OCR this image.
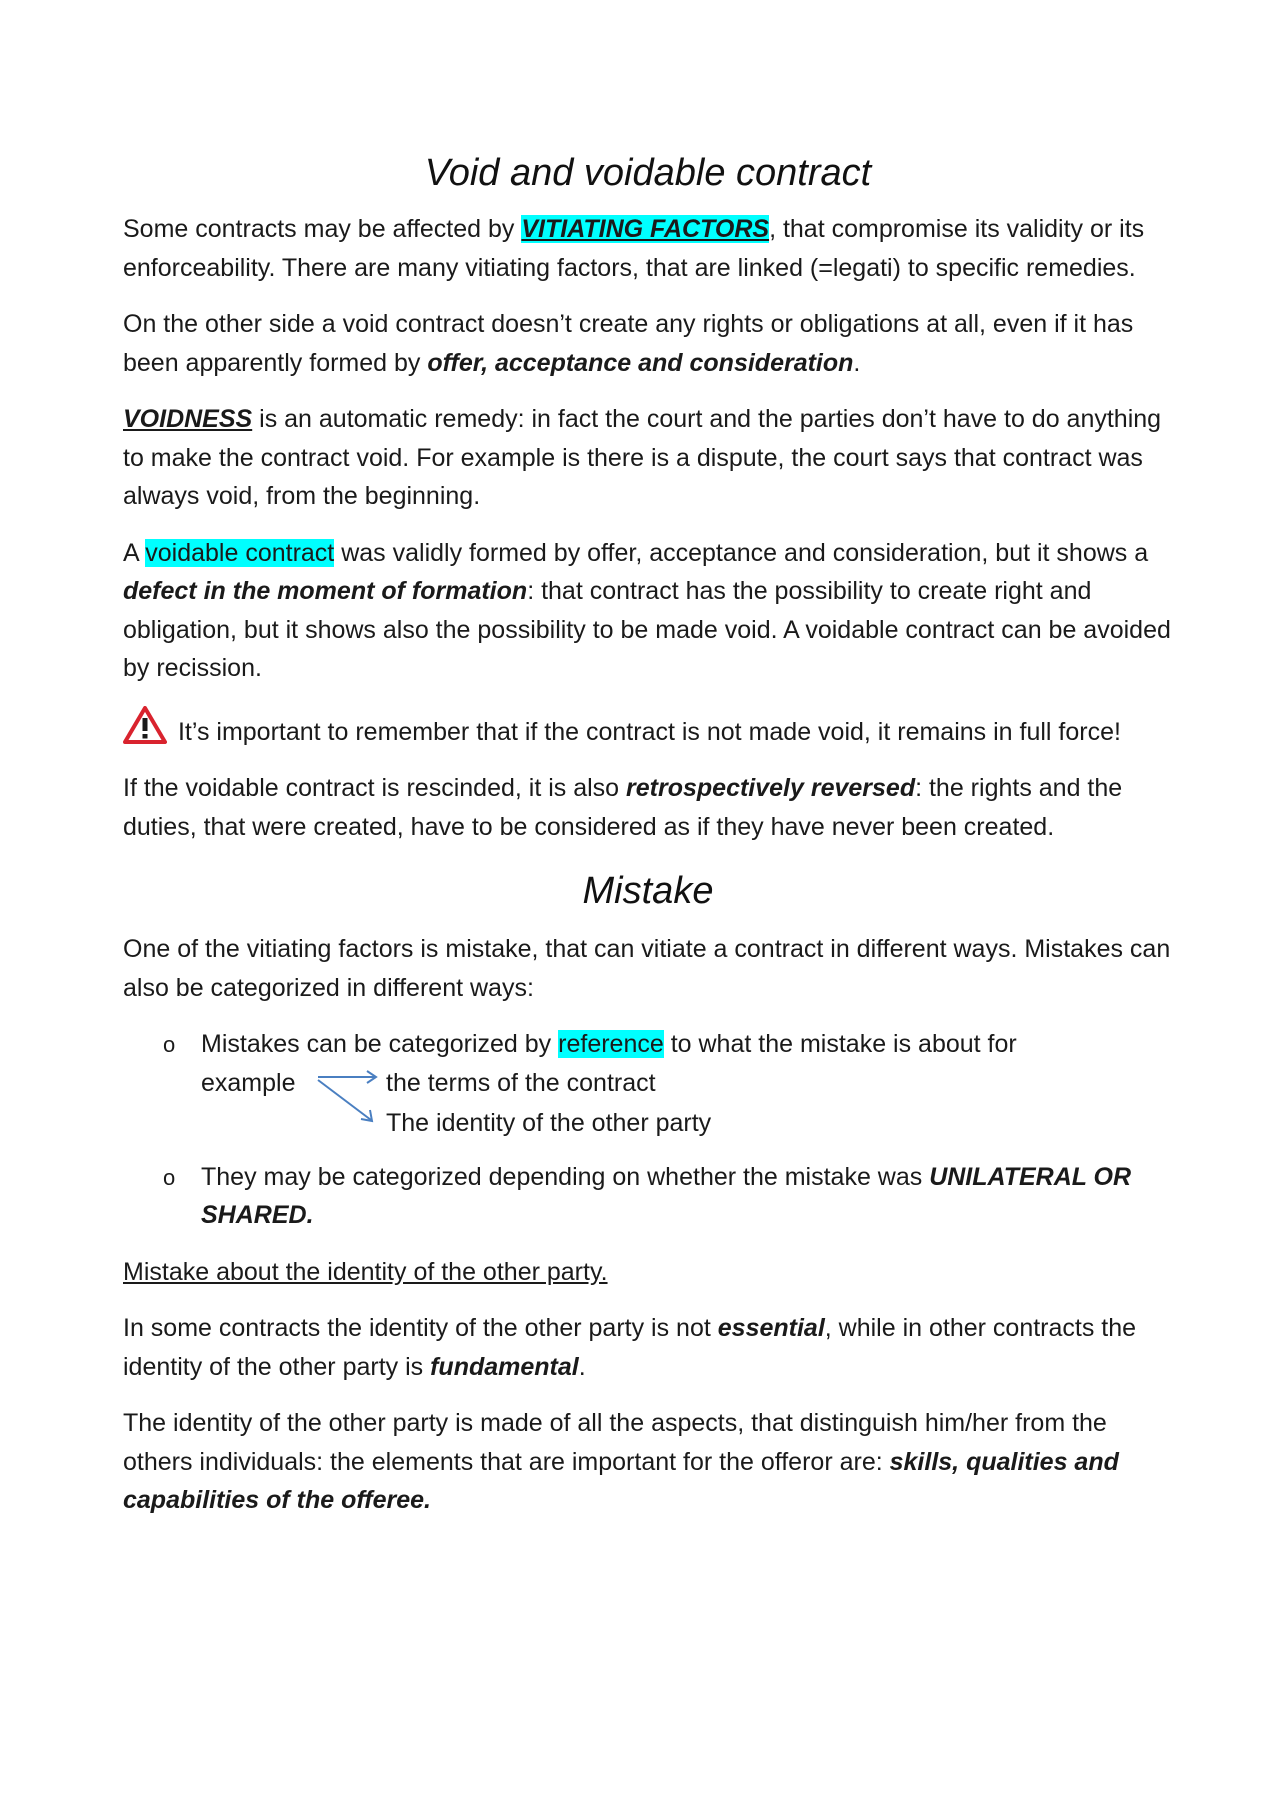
Void and voidable contract

Some contracts may be affected by VITIATING FACTORS, that compromise its validity or its enforceability. There are many vitiating factors, that are linked (=legati) to specific remedies.

On the other side a void contract doesn’t create any rights or obligations at all, even if it has been apparently formed by offer, acceptance and consideration.

VOIDNESS is an automatic remedy: in fact the court and the parties don’t have to do anything to make the contract void. For example is there is a dispute, the court says that contract was always void, from the beginning.

A voidable contract was validly formed by offer, acceptance and consideration, but it shows a defect in the moment of formation: that contract has the possibility to create right and obligation, but it shows also the possibility to be made void. A voidable contract can be avoided by recission.

It’s important to remember that if the contract is not made void, it remains in full force!

If the voidable contract is rescinded, it is also retrospectively reversed: the rights and the duties, that were created, have to be considered as if they have never been created.

Mistake

One of the vitiating factors is mistake, that can vitiate a contract in different ways. Mistakes can also be categorized in different ways:

o Mistakes can be categorized by reference to what the mistake is about for
example	the terms of the contract
The identity of the other party
o They may be categorized depending on whether the mistake was UNILATERAL OR SHARED.

Mistake about the identity of the other party.

In some contracts the identity of the other party is not essential, while in other contracts the identity of the other party is fundamental.

The identity of the other party is made of all the aspects, that distinguish him/her from the others individuals: the elements that are important for the offeror are: skills, qualities and capabilities of the offeree.
